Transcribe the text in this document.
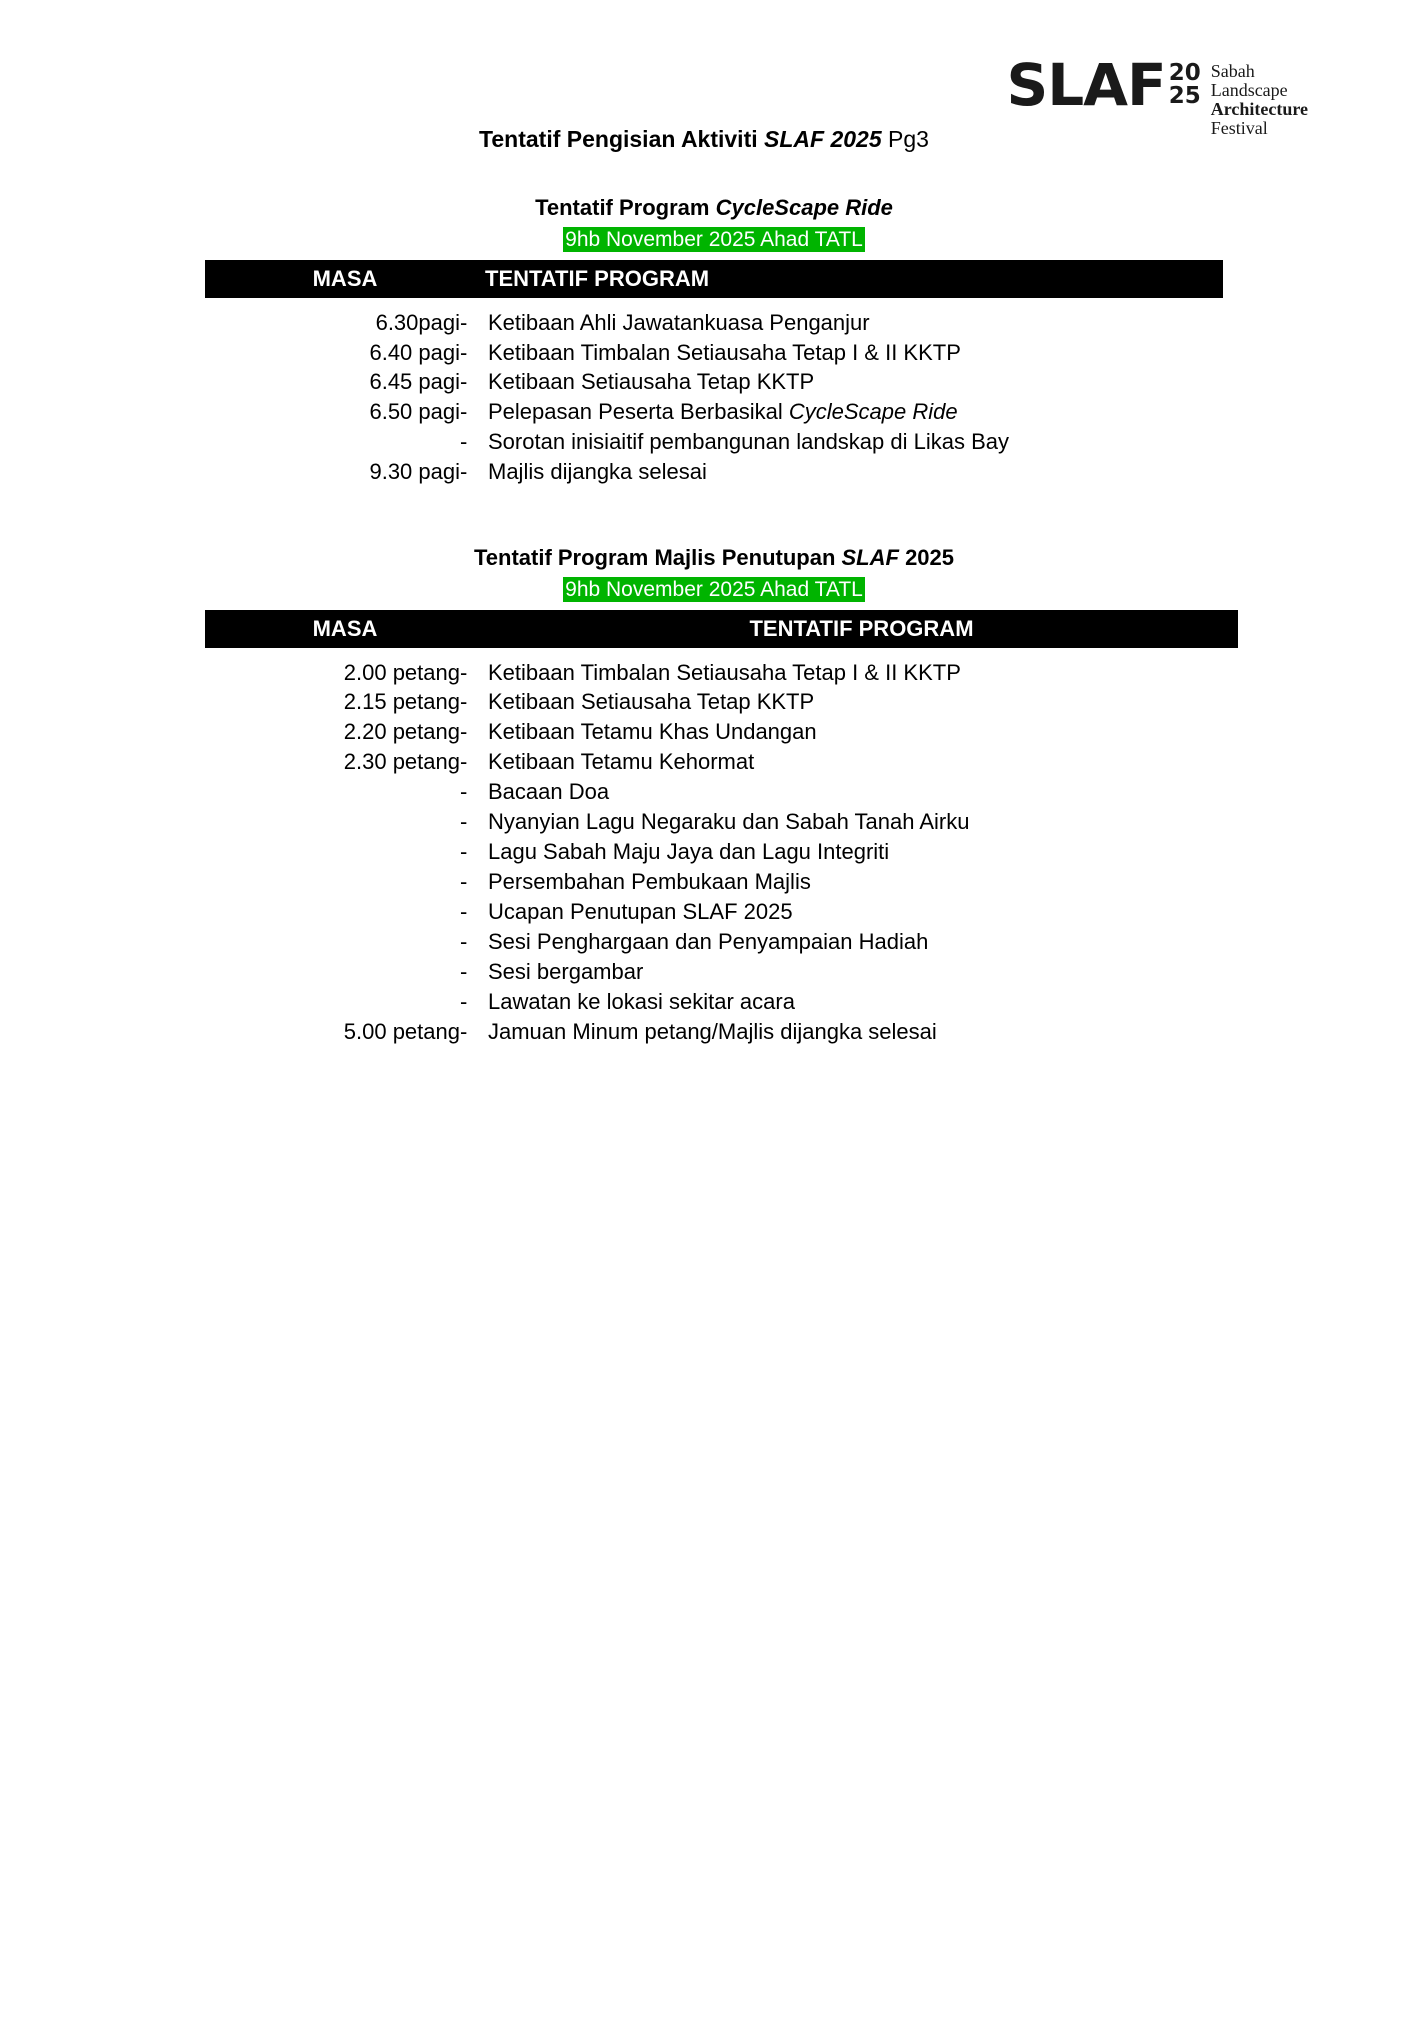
SLAF 20
25
Sabah
Landscape
Architecture
Festival
Tentatif Pengisian Aktiviti SLAF 2025 Pg3
Tentatif Program CycleScape Ride
9hb November 2025 Ahad TATL
MASA	TENTATIF PROGRAM
6.30pagi	-	Ketibaan Ahli Jawatankuasa Penganjur
6.40 pagi	-	Ketibaan Timbalan Setiausaha Tetap I & II KKTP
6.45 pagi	-	Ketibaan Setiausaha Tetap KKTP
6.50 pagi	-	Pelepasan Peserta Berbasikal CycleScape Ride
	-	Sorotan inisiaitif pembangunan landskap di Likas Bay
9.30 pagi	-	Majlis dijangka selesai
Tentatif Program Majlis Penutupan SLAF 2025
9hb November 2025 Ahad TATL
MASA	TENTATIF PROGRAM
2.00 petang	-	Ketibaan Timbalan Setiausaha Tetap I & II KKTP
2.15 petang	-	Ketibaan Setiausaha Tetap KKTP
2.20 petang	-	Ketibaan Tetamu Khas Undangan
2.30 petang	-	Ketibaan Tetamu Kehormat
	-	Bacaan Doa
	-	Nyanyian Lagu Negaraku dan Sabah Tanah Airku
	-	Lagu Sabah Maju Jaya dan Lagu Integriti
	-	Persembahan Pembukaan Majlis
	-	Ucapan Penutupan SLAF 2025
	-	Sesi Penghargaan dan Penyampaian Hadiah
	-	Sesi bergambar
	-	Lawatan ke lokasi sekitar acara
5.00 petang	-	Jamuan Minum petang/Majlis dijangka selesai
